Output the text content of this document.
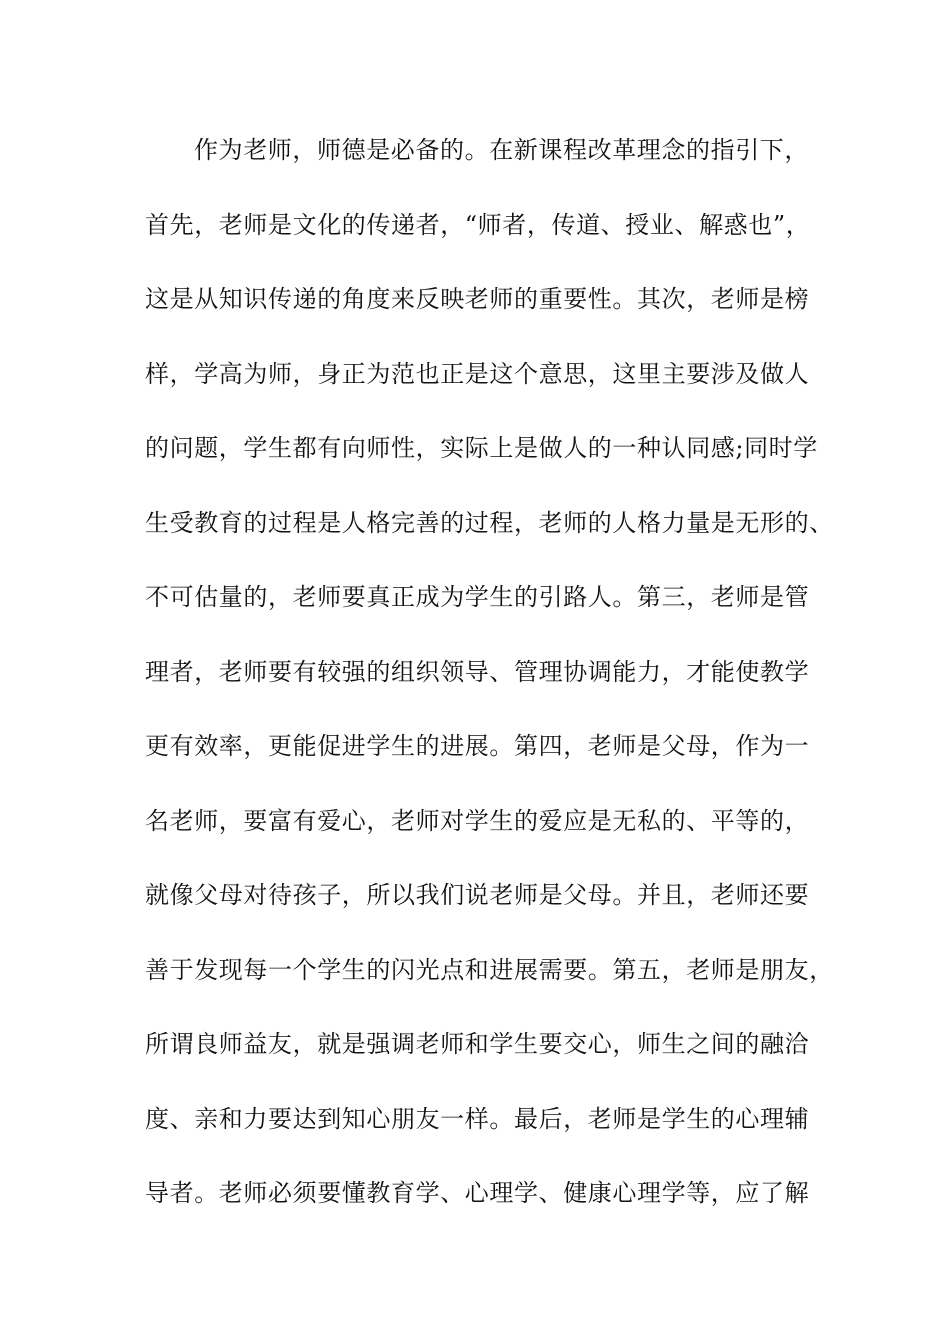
作为老师，师德是必备的。在新课程改革理念的指引下，
首先，老师是文化的传递者，“师者，传道、授业、解惑也”，
这是从知识传递的角度来反映老师的重要性。其次，老师是榜
样，学高为师，身正为范也正是这个意思，这里主要涉及做人
的问题，学生都有向师性，实际上是做人的一种认同感;同时学
生受教育的过程是人格完善的过程，老师的人格力量是无形的、
不可估量的，老师要真正成为学生的引路人。第三，老师是管
理者，老师要有较强的组织领导、管理协调能力，才能使教学
更有效率，更能促进学生的进展。第四，老师是父母，作为一
名老师，要富有爱心，老师对学生的爱应是无私的、平等的，
就像父母对待孩子，所以我们说老师是父母。并且，老师还要
善于发现每一个学生的闪光点和进展需要。第五，老师是朋友，
所谓良师益友，就是强调老师和学生要交心，师生之间的融洽
度、亲和力要达到知心朋友一样。最后，老师是学生的心理辅
导者。老师必须要懂教育学、心理学、健康心理学等，应了解
